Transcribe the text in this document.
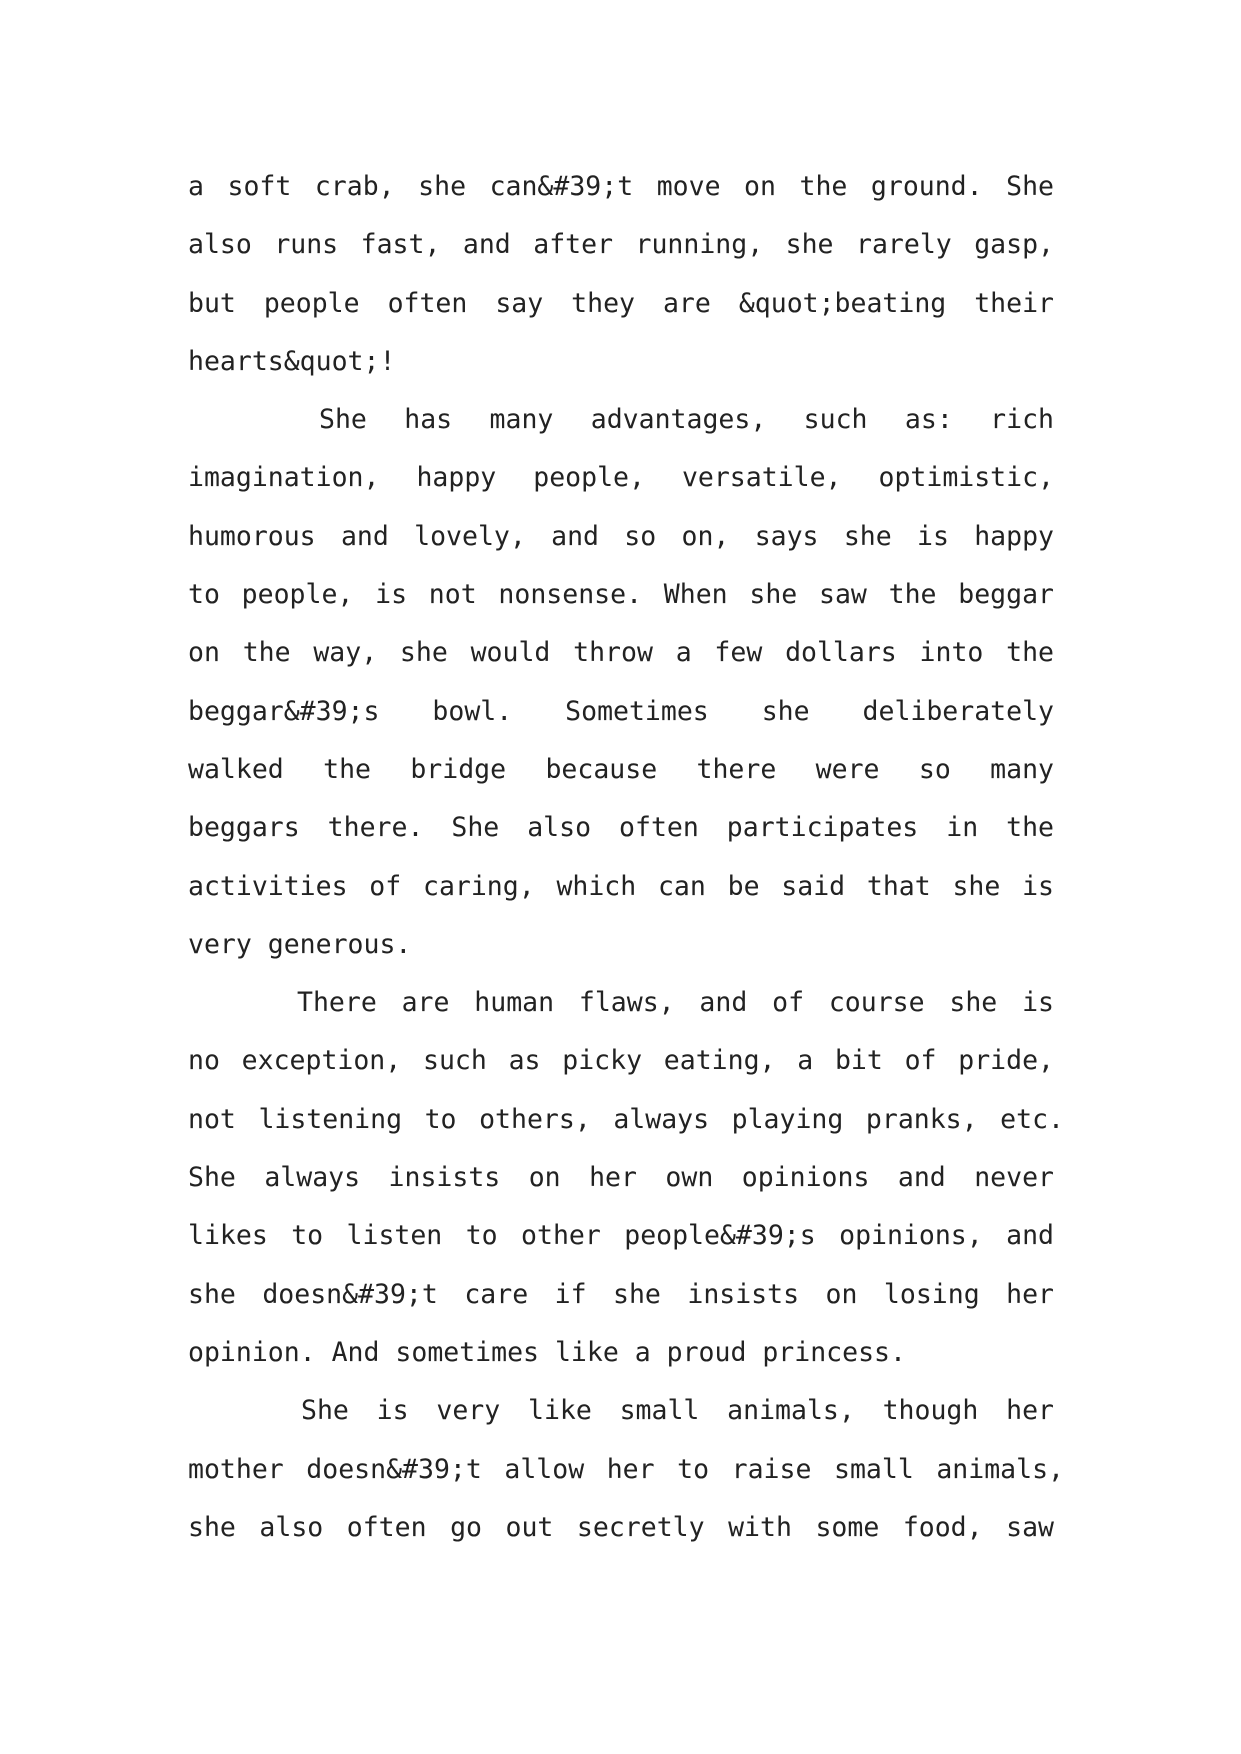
a soft crab, she can&#39;t move on the ground. She
also runs fast, and after running, she rarely gasp,
but people often say they are &quot;beating their
hearts&quot;!
She has many advantages, such as: rich
imagination, happy people, versatile, optimistic,
humorous and lovely, and so on, says she is happy
to people, is not nonsense. When she saw the beggar
on the way, she would throw a few dollars into the
beggar&#39;s bowl. Sometimes she deliberately
walked the bridge because there were so many
beggars there. She also often participates in the
activities of caring, which can be said that she is
very generous.
There are human flaws, and of course she is
no exception, such as picky eating, a bit of pride,
not listening to others, always playing pranks, etc.
She always insists on her own opinions and never
likes to listen to other people&#39;s opinions, and
she doesn&#39;t care if she insists on losing her
opinion. And sometimes like a proud princess.
She is very like small animals, though her
mother doesn&#39;t allow her to raise small animals,
she also often go out secretly with some food, saw
